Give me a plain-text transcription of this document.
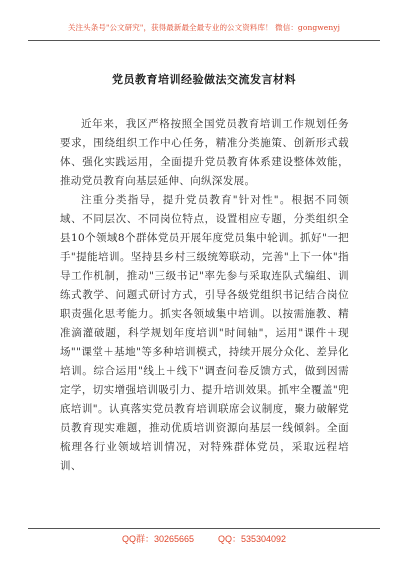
关注头条号"公文研究"，获得最新最全最专业的公文资料库！ 微信：gongwenyj
党员教育培训经验做法交流发言材料

近年来，我区严格按照全国党员教育培训工作规划任务要求，围绕组织工作中心任务，精准分类施策、创新形式载体、强化实践运用，全面提升党员教育体系建设整体效能，推动党员教育向基层延伸、向纵深发展。

注重分类指导，提升党员教育"针对性"。根据不同领域、不同层次、不同岗位特点，设置相应专题，分类组织全县10个领域8个群体党员开展年度党员集中轮训。抓好"一把手"提能培训。坚持县乡村三级统筹联动，完善"上下一体"指导工作机制，推动"三级书记"率先参与采取连队式编组、训练式教学、问题式研讨方式，引导各级党组织书记结合岗位职责强化思考能力。抓实各领域集中培训。以按需施教、精准滴灌破题，科学规划年度培训"时间轴"，运用"课件＋现场""课堂＋基地"等多种培训模式，持续开展分众化、差异化培训。综合运用"线上＋线下"调查问卷反馈方式，做到因需定学，切实增强培训吸引力、提升培训效果。抓牢全覆盖"兜底培训"。认真落实党员教育培训联席会议制度，聚力破解党员教育现实难题，推动优质培训资源向基层一线倾斜。全面梳理各行业领域培训情况，对特殊群体党员，采取远程培训、

QQ群：30265665	QQ：535304092
